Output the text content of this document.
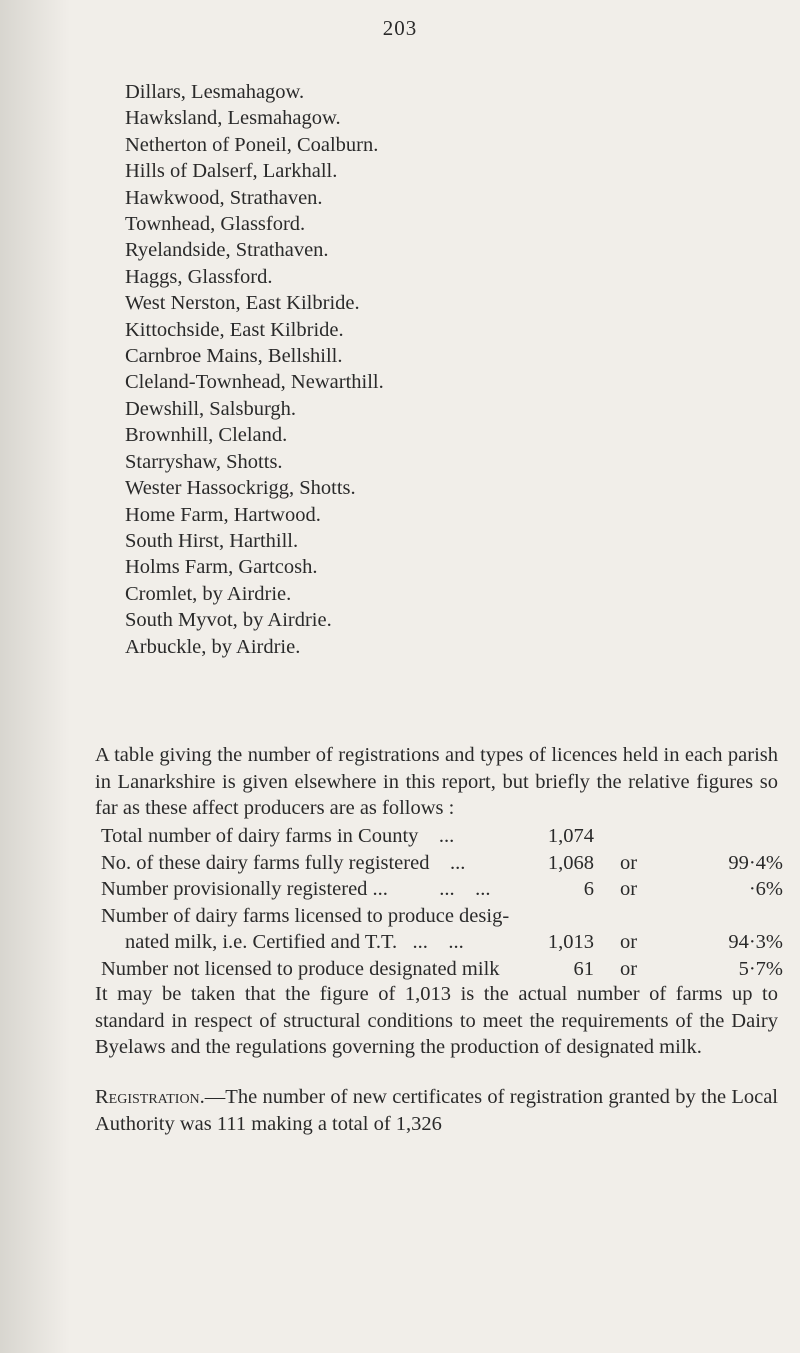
203
Dillars, Lesmahagow.
Hawksland, Lesmahagow.
Netherton of Poneil, Coalburn.
Hills of Dalserf, Larkhall.
Hawkwood, Strathaven.
Townhead, Glassford.
Ryelandside, Strathaven.
Haggs, Glassford.
West Nerston, East Kilbride.
Kittochside, East Kilbride.
Carnbroe Mains, Bellshill.
Cleland-Townhead, Newarthill.
Dewshill, Salsburgh.
Brownhill, Cleland.
Starryshaw, Shotts.
Wester Hassockrigg, Shotts.
Home Farm, Hartwood.
South Hirst, Harthill.
Holms Farm, Gartcosh.
Cromlet, by Airdrie.
South Myvot, by Airdrie.
Arbuckle, by Airdrie.
A table giving the number of registrations and types of licences held in each parish in Lanarkshire is given elsewhere in this report, but briefly the relative figures so far as these affect producers are as follows :
Total number of dairy farms in County ...	1,074
No. of these dairy farms fully registered ...	1,068 or	99·4%
Number provisionally registered ...	...    ...	6 or	·6%
Number of dairy farms licensed to produce desig-
nated milk, i.e. Certified and T.T. ...    ...	1,013 or	94·3%
Number not licensed to produce designated milk	61 or	5·7%
It may be taken that the figure of 1,013 is the actual number of farms up to standard in respect of structural conditions to meet the requirements of the Dairy Byelaws and the regulations governing the production of designated milk.
Registration.—The number of new certificates of registration granted by the Local Authority was 111 making a total of 1,326
